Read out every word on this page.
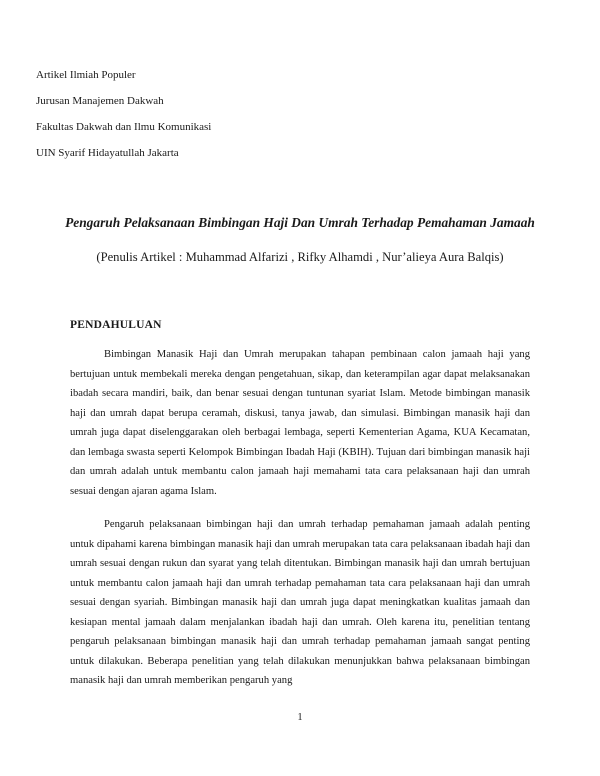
Artikel Ilmiah Populer

Jurusan Manajemen Dakwah

Fakultas Dakwah dan Ilmu Komunikasi

UIN Syarif Hidayatullah Jakarta

Pengaruh Pelaksanaan Bimbingan Haji Dan Umrah Terhadap Pemahaman Jamaah
(Penulis Artikel : Muhammad Alfarizi , Rifky Alhamdi , Nur’alieya Aura Balqis)
PENDAHULUAN

Bimbingan Manasik Haji dan Umrah merupakan tahapan pembinaan calon jamaah haji yang bertujuan untuk membekali mereka dengan pengetahuan, sikap, dan keterampilan agar dapat melaksanakan ibadah secara mandiri, baik, dan benar sesuai dengan tuntunan syariat Islam. Metode bimbingan manasik haji dan umrah dapat berupa ceramah, diskusi, tanya jawab, dan simulasi. Bimbingan manasik haji dan umrah juga dapat diselenggarakan oleh berbagai lembaga, seperti Kementerian Agama, KUA Kecamatan, dan lembaga swasta seperti Kelompok Bimbingan Ibadah Haji (KBIH). Tujuan dari bimbingan manasik haji dan umrah adalah untuk membantu calon jamaah haji memahami tata cara pelaksanaan haji dan umrah sesuai dengan ajaran agama Islam.

Pengaruh pelaksanaan bimbingan haji dan umrah terhadap pemahaman jamaah adalah penting untuk dipahami karena bimbingan manasik haji dan umrah merupakan tata cara pelaksanaan ibadah haji dan umrah sesuai dengan rukun dan syarat yang telah ditentukan. Bimbingan manasik haji dan umrah bertujuan untuk membantu calon jamaah haji dan umrah terhadap pemahaman tata cara pelaksanaan haji dan umrah sesuai dengan syariah. Bimbingan manasik haji dan umrah juga dapat meningkatkan kualitas jamaah dan kesiapan mental jamaah dalam menjalankan ibadah haji dan umrah. Oleh karena itu, penelitian tentang pengaruh pelaksanaan bimbingan manasik haji dan umrah terhadap pemahaman jamaah sangat penting untuk dilakukan. Beberapa penelitian yang telah dilakukan menunjukkan bahwa pelaksanaan bimbingan manasik haji dan umrah memberikan pengaruh yang

1
